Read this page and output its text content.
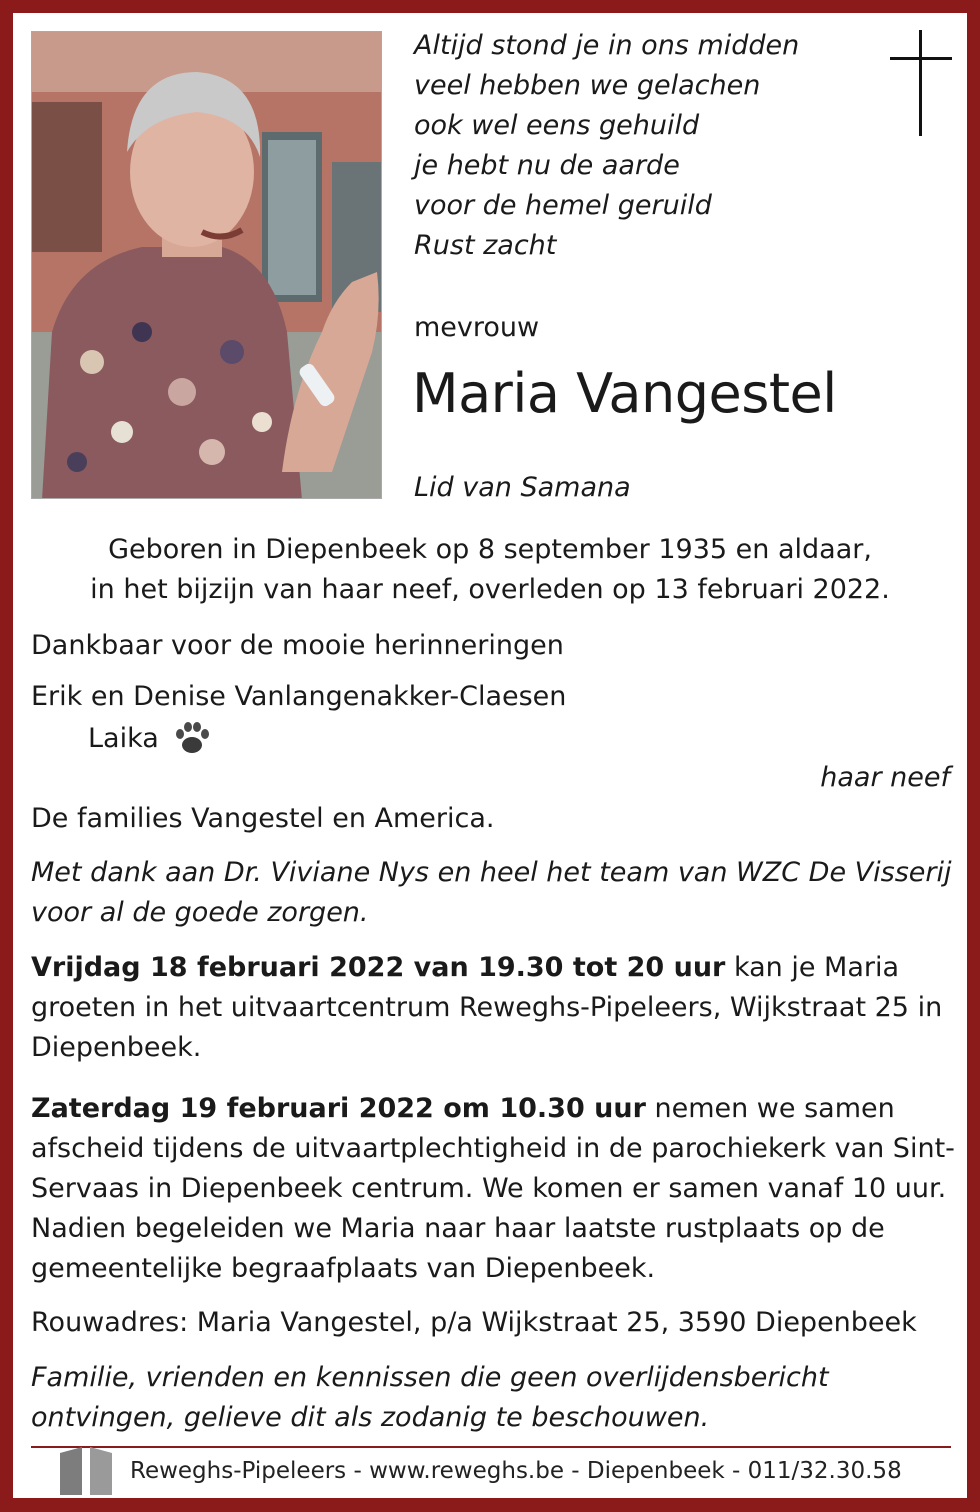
Altijd stond je in ons midden
veel hebben we gelachen
ook wel eens gehuild
je hebt nu de aarde
voor de hemel geruild
Rust zacht
mevrouw
Maria Vangestel
Lid van Samana
Geboren in Diepenbeek op 8 september 1935 en aldaar,
in het bijzijn van haar neef, overleden op 13 februari 2022.
Dankbaar voor de mooie herinneringen
Erik en Denise Vanlangenakker-Claesen
Laika
haar neef
De families Vangestel en America.
Met dank aan Dr. Viviane Nys en heel het team van WZC De Visserij voor al de goede zorgen.
Vrijdag 18 februari 2022 van 19.30 tot 20 uur kan je Maria groeten in het uitvaartcentrum Reweghs-Pipeleers, Wijkstraat 25 in Diepenbeek.
Zaterdag 19 februari 2022 om 10.30 uur nemen we samen afscheid tijdens de uitvaartplechtigheid in de parochiekerk van Sint-Servaas in Diepenbeek centrum. We komen er samen vanaf 10 uur. Nadien begeleiden we Maria naar haar laatste rustplaats op de gemeentelijke begraafplaats van Diepenbeek.
Rouwadres: Maria Vangestel, p/a Wijkstraat 25, 3590 Diepenbeek
Familie, vrienden en kennissen die geen overlijdensbericht ontvingen, gelieve dit als zodanig te beschouwen.
Reweghs-Pipeleers - www.reweghs.be - Diepenbeek - 011/32.30.58
